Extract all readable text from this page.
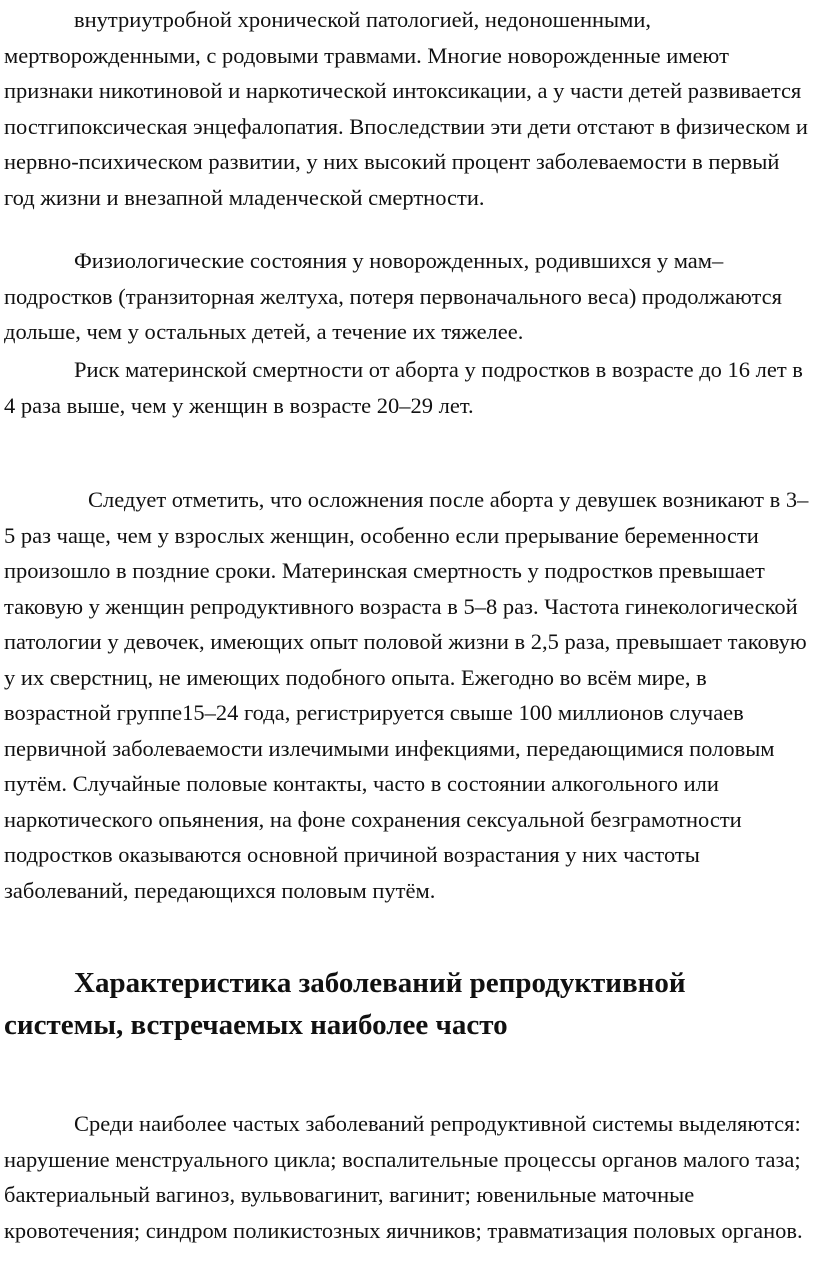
внутриутробной хронической патологией, недоношенными, мертворожденными, с родовыми травмами. Многие новорожденные имеют признаки никотиновой и наркотической интоксикации, а у части детей развивается постгипоксическая энцефалопатия. Впоследствии эти дети отстают в физическом и нервно-психическом развитии, у них высокий процент заболеваемости в первый год жизни и внезапной младенческой смертности.

Физиологические состояния у новорожденных, родившихся у мам–подростков (транзиторная желтуха, потеря первоначального веса) продолжаются дольше, чем у остальных детей, а течение их тяжелее.

Риск материнской смертности от аборта у подростков в возрасте до 16 лет в 4 раза выше, чем у женщин в возрасте 20–29 лет.

Следует отметить, что осложнения после аборта у девушек возникают в 3–5 раз чаще, чем у взрослых женщин, особенно если прерывание беременности произошло в поздние сроки. Материнская смертность у подростков превышает таковую у женщин репродуктивного возраста в 5–8 раз. Частота гинекологической патологии у девочек, имеющих опыт половой жизни в 2,5 раза, превышает таковую у их сверстниц, не имеющих подобного опыта. Ежегодно во всём мире, в возрастной группе15–24 года, регистрируется свыше 100 миллионов случаев первичной заболеваемости излечимыми инфекциями, передающимися половым путём. Случайные половые контакты, часто в состоянии алкогольного или наркотического опьянения, на фоне сохранения сексуальной безграмотности подростков оказываются основной причиной возрастания у них частоты заболеваний, передающихся половым путём.

Характеристика заболеваний репродуктивной системы, встречаемых наиболее часто

Среди наиболее частых заболеваний репродуктивной системы выделяются: нарушение менструального цикла; воспалительные процессы органов малого таза; бактериальный вагиноз, вульвовагинит, вагинит; ювенильные маточные кровотечения; синдром поликистозных яичников; травматизация половых органов.
